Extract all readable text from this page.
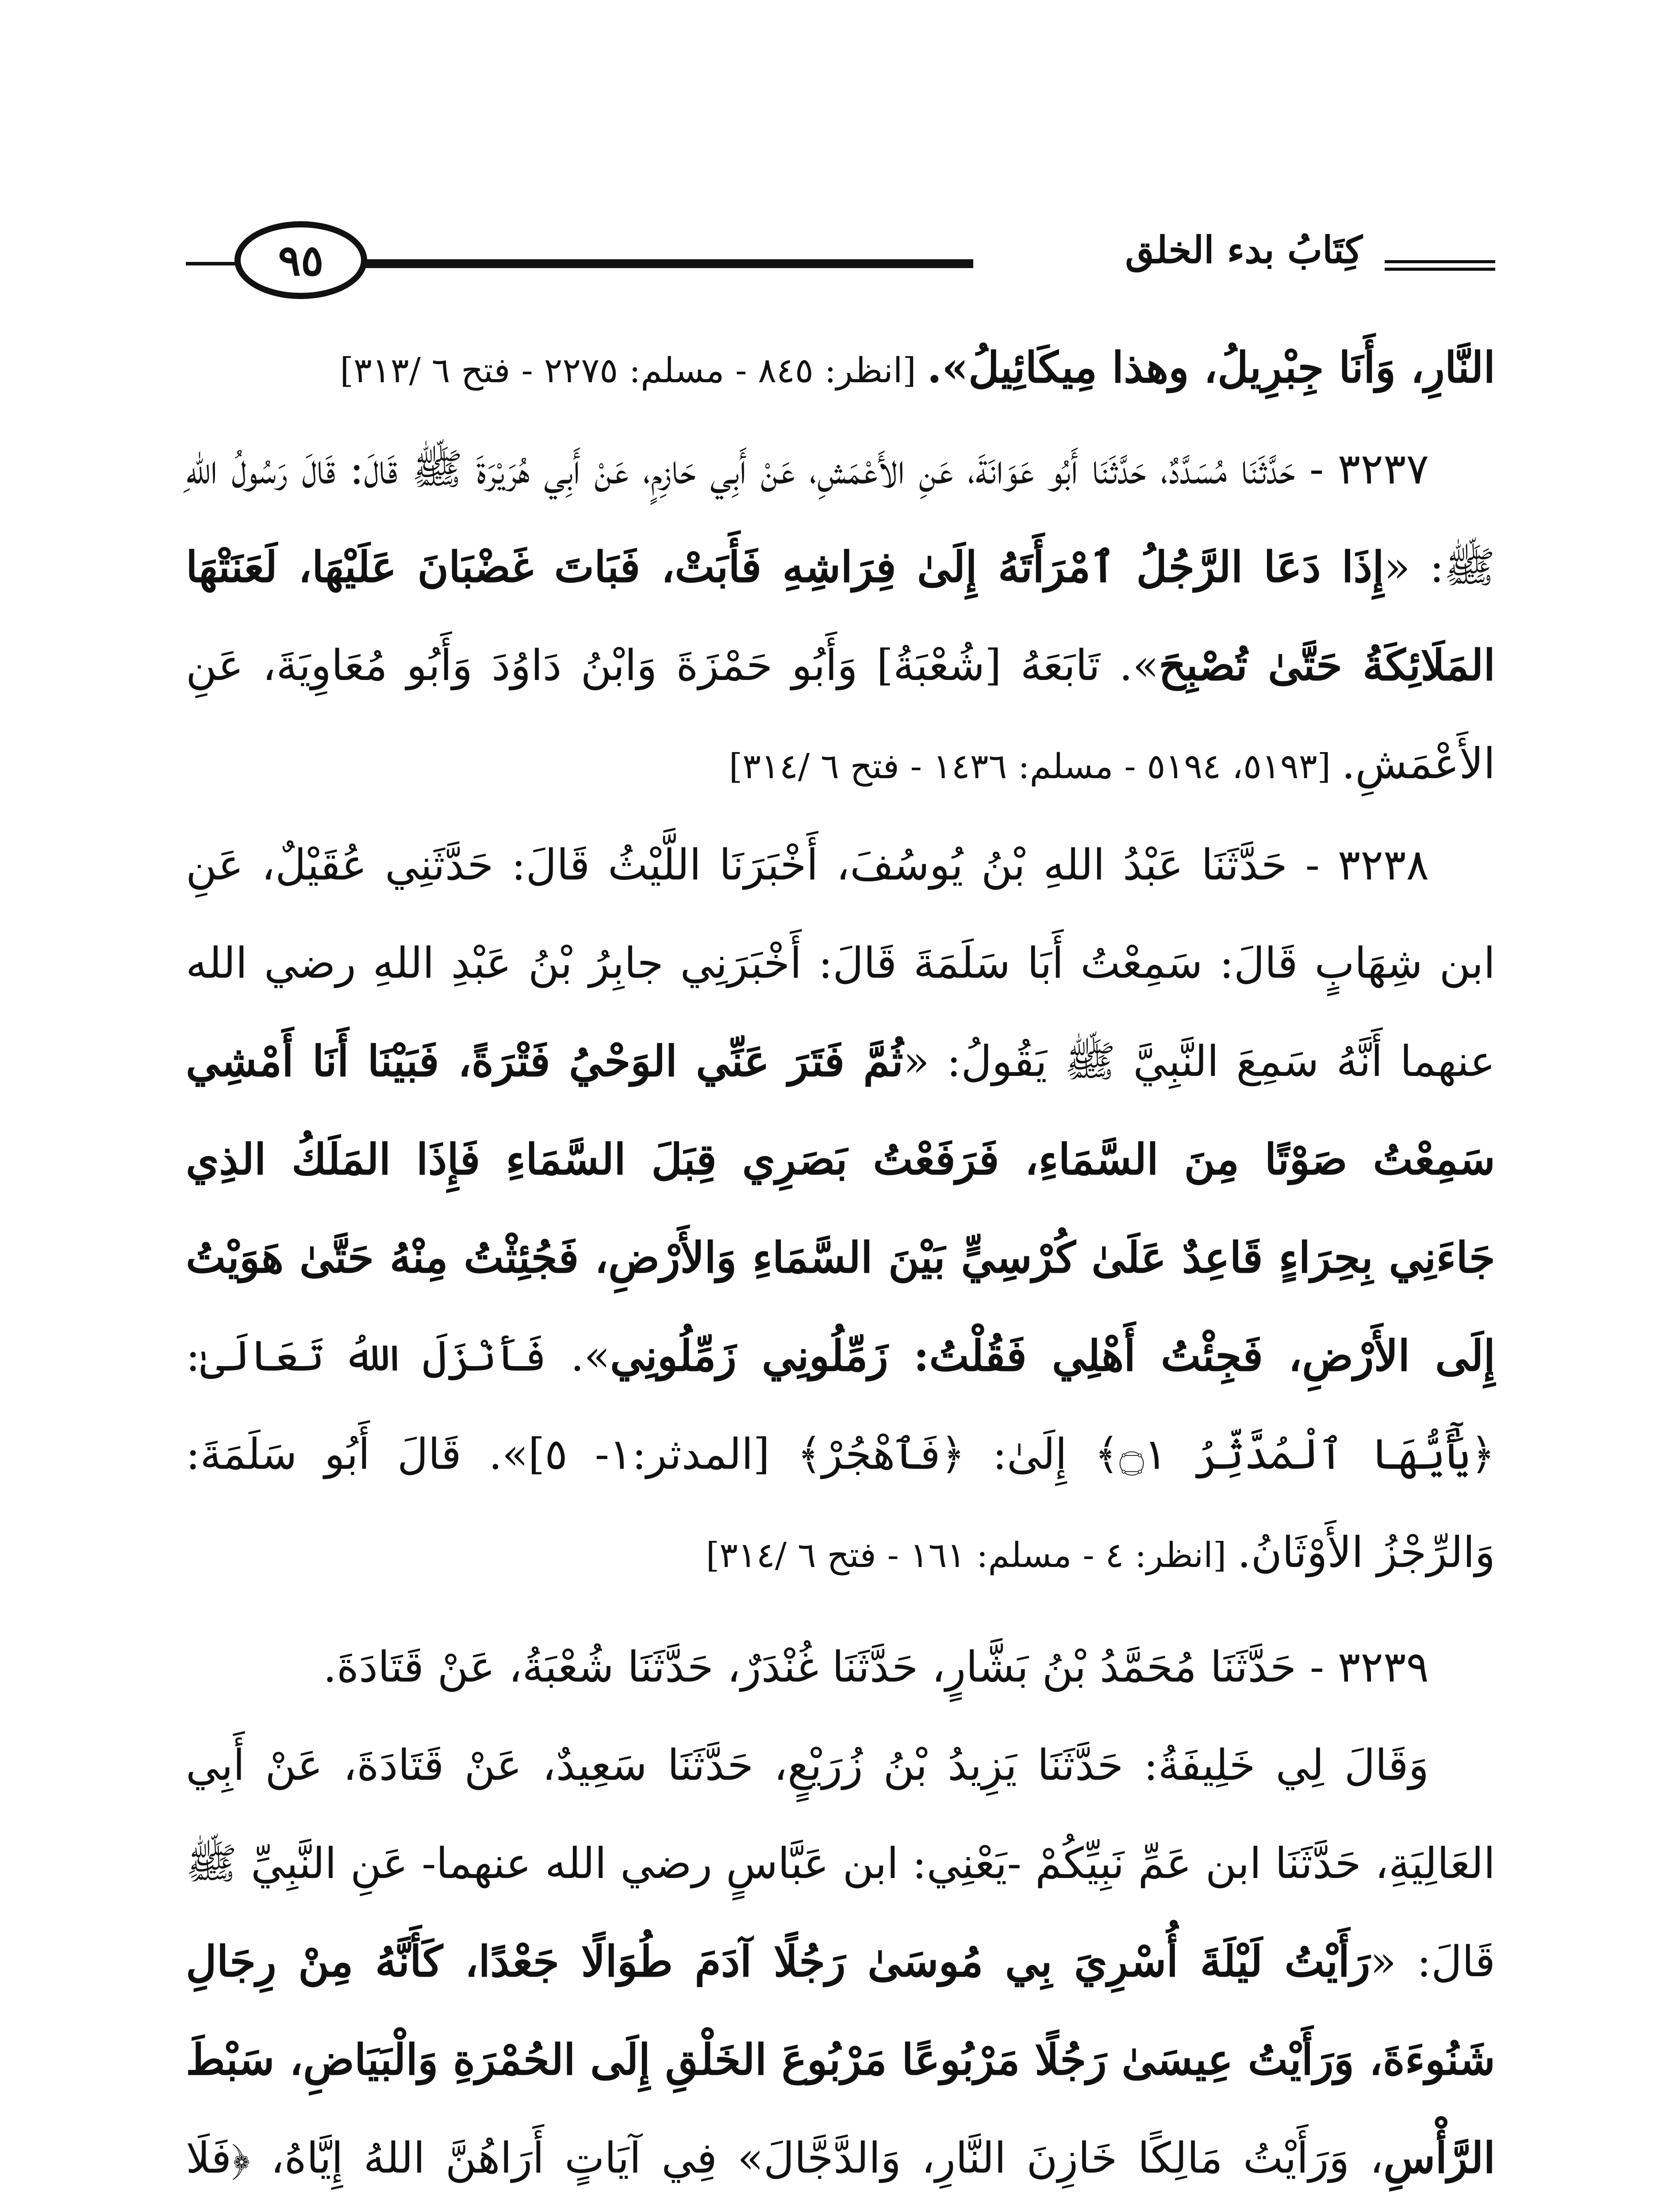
كِتَابُ بدء الخلق
٩٥

النَّارِ، وَأَنَا جِبْرِيلُ، وهذا مِيكَائِيلُ». [انظر: ٨٤٥ - مسلم: ٢٢٧٥ - فتح ٦ /٣١٣]

٣٢٣٧ - حَدَّثَنَا مُسَدَّدٌ، حَدَّثَنَا أَبُو عَوَانَةَ، عَنِ الأَعْمَشِ، عَنْ أَبِي حَازِمٍ، عَنْ أَبِي هُرَيْرَةَ ﷺ قَالَ: قَالَ رَسُولُ اللهِ ﷺ: «إِذَا دَعَا الرَّجُلُ ٱمْرَأَتَهُ إِلَىٰ فِرَاشِهِ فَأَبَتْ، فَبَاتَ غَضْبَانَ عَلَيْهَا، لَعَنَتْهَا المَلَائِكَةُ حَتَّىٰ تُصْبِحَ». تَابَعَهُ [شُعْبَةُ] وَأَبُو حَمْزَةَ وَابْنُ دَاوُدَ وَأَبُو مُعَاوِيَةَ، عَنِ الأَعْمَشِ. [٥١٩٣، ٥١٩٤ - مسلم: ١٤٣٦ - فتح ٦ /٣١٤]

٣٢٣٨ - حَدَّثَنَا عَبْدُ اللهِ بْنُ يُوسُفَ، أَخْبَرَنَا اللَّيْثُ قَالَ: حَدَّثَنِي عُقَيْلٌ، عَنِ ابن شِهَابٍ قَالَ: سَمِعْتُ أَبَا سَلَمَةَ قَالَ: أَخْبَرَنِي جابِرُ بْنُ عَبْدِ اللهِ رضي الله عنهما أَنَّهُ سَمِعَ النَّبِيَّ ﷺ يَقُولُ: «ثُمَّ فَتَرَ عَنِّي الوَحْيُ فَتْرَةً، فَبَيْنَا أَنَا أَمْشِي سَمِعْتُ صَوْتًا مِنَ السَّمَاءِ، فَرَفَعْتُ بَصَرِي قِبَلَ السَّمَاءِ فَإِذَا المَلَكُ الذِي جَاءَنِي بِحِرَاءٍ قَاعِدٌ عَلَىٰ كُرْسِيٍّ بَيْنَ السَّمَاءِ وَالأَرْضِ، فَجُئِثْتُ مِنْهُ حَتَّىٰ هَوَيْتُ إِلَى الأَرْضِ، فَجِئْتُ أَهْلِي فَقُلْتُ: زَمِّلُونِي زَمِّلُونِي». فَأَنْزَلَ اللهُ تَعَالَىٰ: ﴿يَٰٓأَيُّهَا ٱلْمُدَّثِّرُ ۝١﴾ إِلَىٰ: ﴿فَٱهْجُرْ﴾ [المدثر:١- ٥]». قَالَ أَبُو سَلَمَةَ: وَالرِّجْزُ الأَوْثَانُ. [انظر: ٤ - مسلم: ١٦١ - فتح ٦ /٣١٤]

٣٢٣٩ - حَدَّثَنَا مُحَمَّدُ بْنُ بَشَّارٍ، حَدَّثَنَا غُنْدَرٌ، حَدَّثَنَا شُعْبَةُ، عَنْ قَتَادَةَ.

وَقَالَ لِي خَلِيفَةُ: حَدَّثَنَا يَزِيدُ بْنُ زُرَيْعٍ، حَدَّثَنَا سَعِيدٌ، عَنْ قَتَادَةَ، عَنْ أَبِي العَالِيَةِ، حَدَّثَنَا ابن عَمِّ نَبِيِّكُمْ -يَعْنِي: ابن عَبَّاسٍ رضي الله عنهما- عَنِ النَّبِيِّ ﷺ قَالَ: «رَأَيْتُ لَيْلَةَ أُسْرِيَ بِي مُوسَىٰ رَجُلًا آدَمَ طُوَالًا جَعْدًا، كَأَنَّهُ مِنْ رِجَالِ شَنُوءَةَ، وَرَأَيْتُ عِيسَىٰ رَجُلًا مَرْبُوعًا مَرْبُوعَ الخَلْقِ إِلَى الحُمْرَةِ وَالْبَيَاضِ، سَبْطَ الرَّأْسِ، وَرَأَيْتُ مَالِكًا خَازِنَ النَّارِ، وَالدَّجَّالَ» فِي آيَاتٍ أَرَاهُنَّ اللهُ إِيَّاهُ، ﴿فَلَا
